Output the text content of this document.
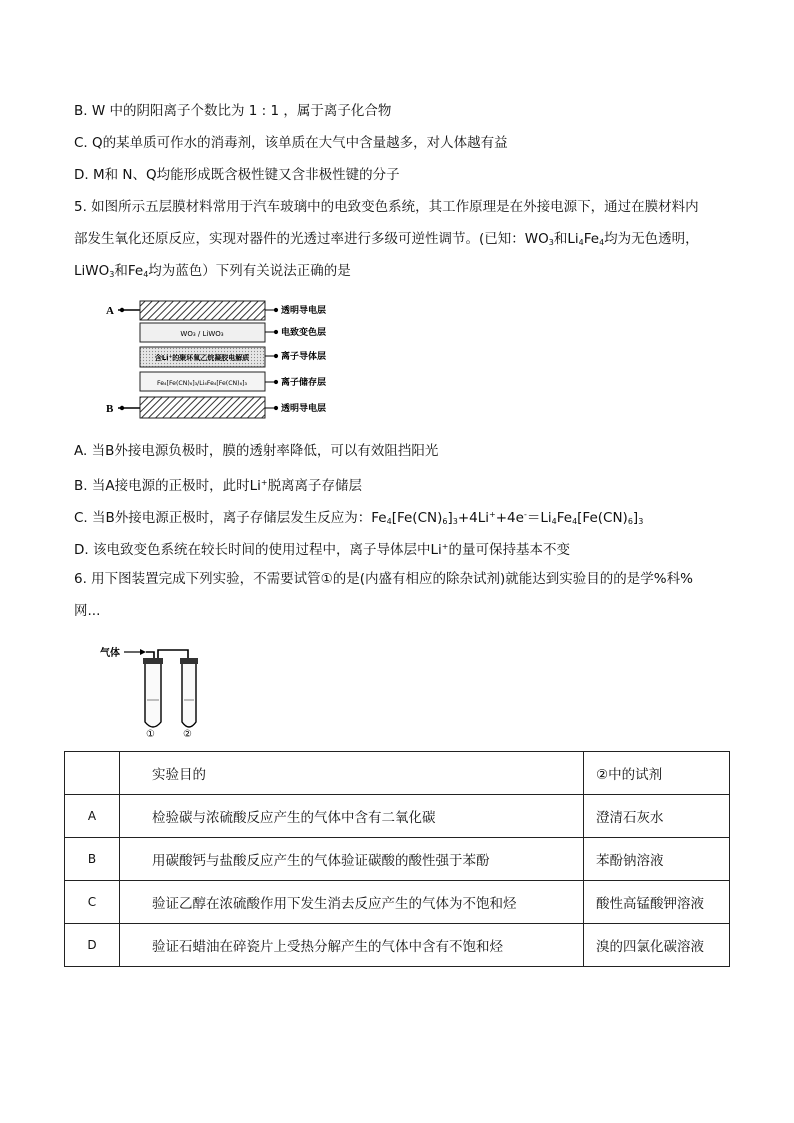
B. W 中的阴阳离子个数比为 1 : 1 ，属于离子化合物
C. Q的某单质可作水的消毒剂，该单质在大气中含量越多，对人体越有益
D. M和 N、Q均能形成既含极性键又含非极性键的分子
5. 如图所示五层膜材料常用于汽车玻璃中的电致变色系统，其工作原理是在外接电源下，通过在膜材料内
部发生氧化还原反应，实现对器件的光透过率进行多级可逆性调节。(已知：$WO_3$和$Li_4Fe_4$均为无色透明，
LiWO$_3$和$Fe_4$均为蓝色）下列有关说法正确的是
A
WO₃ / LiWO₃
含Li⁺的聚环氧乙烷凝胶电解质
Fe₄[Fe(CN)₆]₃/Li₄Fe₄[Fe(CN)₆]₃
B
透明导电层
电致变色层
离子导体层
离子储存层
透明导电层
A. 当B外接电源负极时，膜的透射率降低，可以有效阻挡阳光
B. 当A接电源的正极时，此时Li+脱离离子存储层
C. 当B外接电源正极时，离子存储层发生反应为：$Fe_4[Fe(CN)_6]_3+4Li^++4e^-=Li_4Fe_4[Fe(CN)_6]_3$
D. 该电致变色系统在较长时间的使用过程中，离子导体层中Li+的量可保持基本不变
6. 用下图装置完成下列实验，不需要试管①的是(内盛有相应的除杂试剂)就能达到实验目的的是学%科%
网...
气体
①	②
	实验目的	②中的试剂
A	检验碳与浓硫酸反应产生的气体中含有二氧化碳	澄清石灰水
B	用碳酸钙与盐酸反应产生的气体验证碳酸的酸性强于苯酚	苯酚钠溶液
C	验证乙醇在浓硫酸作用下发生消去反应产生的气体为不饱和烃	酸性高锰酸钾溶液
D	验证石蜡油在碎瓷片上受热分解产生的气体中含有不饱和烃	溴的四氯化碳溶液
